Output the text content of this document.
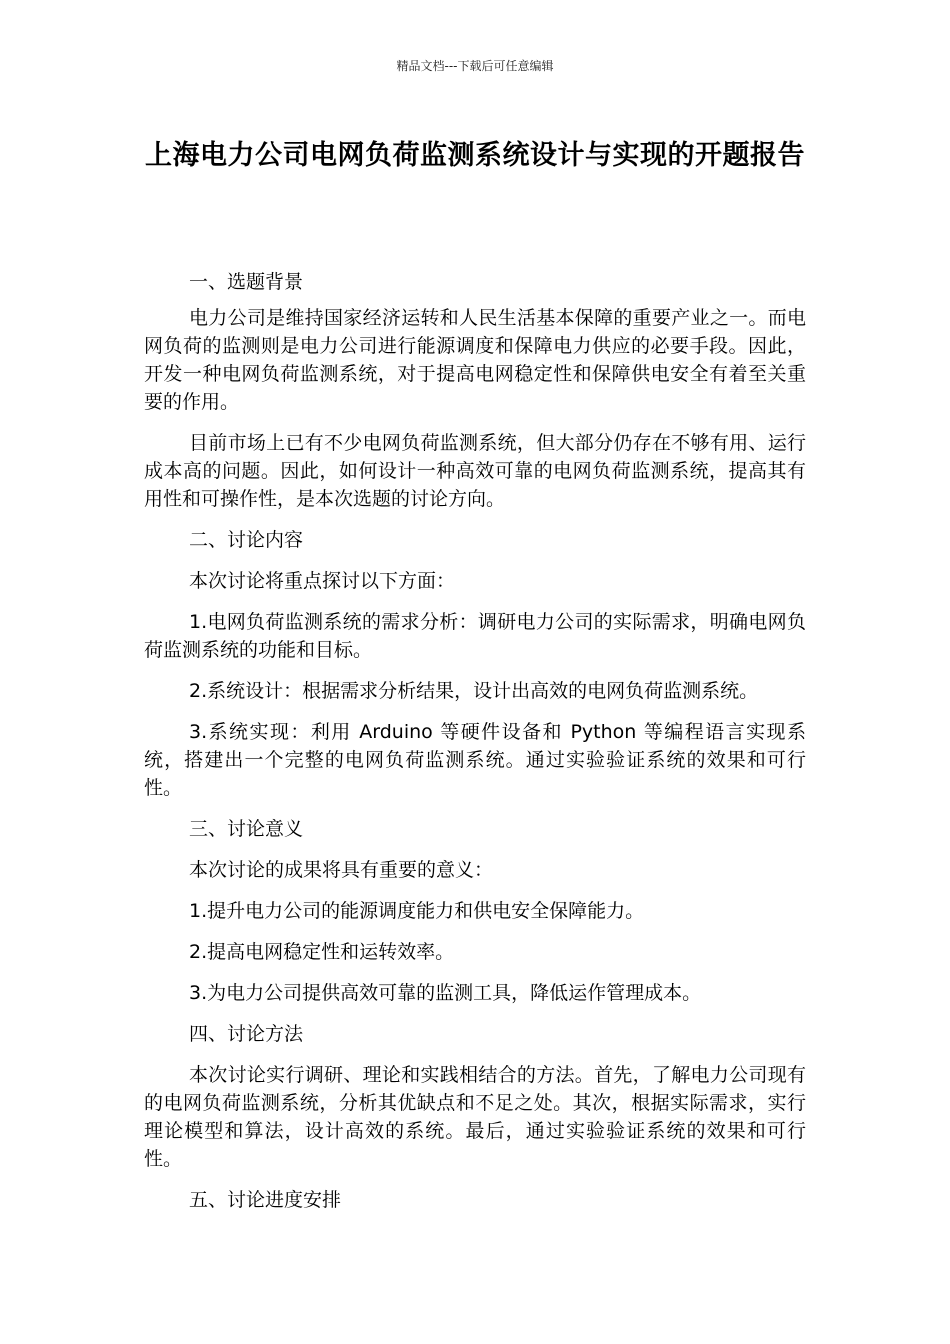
精品文档---下载后可任意编辑
上海电力公司电网负荷监测系统设计与实现的开题报告

一、选题背景

电力公司是维持国家经济运转和人民生活基本保障的重要产业之一。而电网负荷的监测则是电力公司进行能源调度和保障电力供应的必要手段。因此，开发一种电网负荷监测系统，对于提高电网稳定性和保障供电安全有着至关重要的作用。

目前市场上已有不少电网负荷监测系统，但大部分仍存在不够有用、运行成本高的问题。因此，如何设计一种高效可靠的电网负荷监测系统，提高其有用性和可操作性，是本次选题的讨论方向。

二、讨论内容

本次讨论将重点探讨以下方面：

1.电网负荷监测系统的需求分析：调研电力公司的实际需求，明确电网负荷监测系统的功能和目标。

2.系统设计：根据需求分析结果，设计出高效的电网负荷监测系统。

3.系统实现：利用 Arduino 等硬件设备和 Python 等编程语言实现系统，搭建出一个完整的电网负荷监测系统。通过实验验证系统的效果和可行性。

三、讨论意义

本次讨论的成果将具有重要的意义：

1.提升电力公司的能源调度能力和供电安全保障能力。

2.提高电网稳定性和运转效率。

3.为电力公司提供高效可靠的监测工具，降低运作管理成本。

四、讨论方法

本次讨论实行调研、理论和实践相结合的方法。首先，了解电力公司现有的电网负荷监测系统，分析其优缺点和不足之处。其次，根据实际需求，实行理论模型和算法，设计高效的系统。最后，通过实验验证系统的效果和可行性。

五、讨论进度安排
